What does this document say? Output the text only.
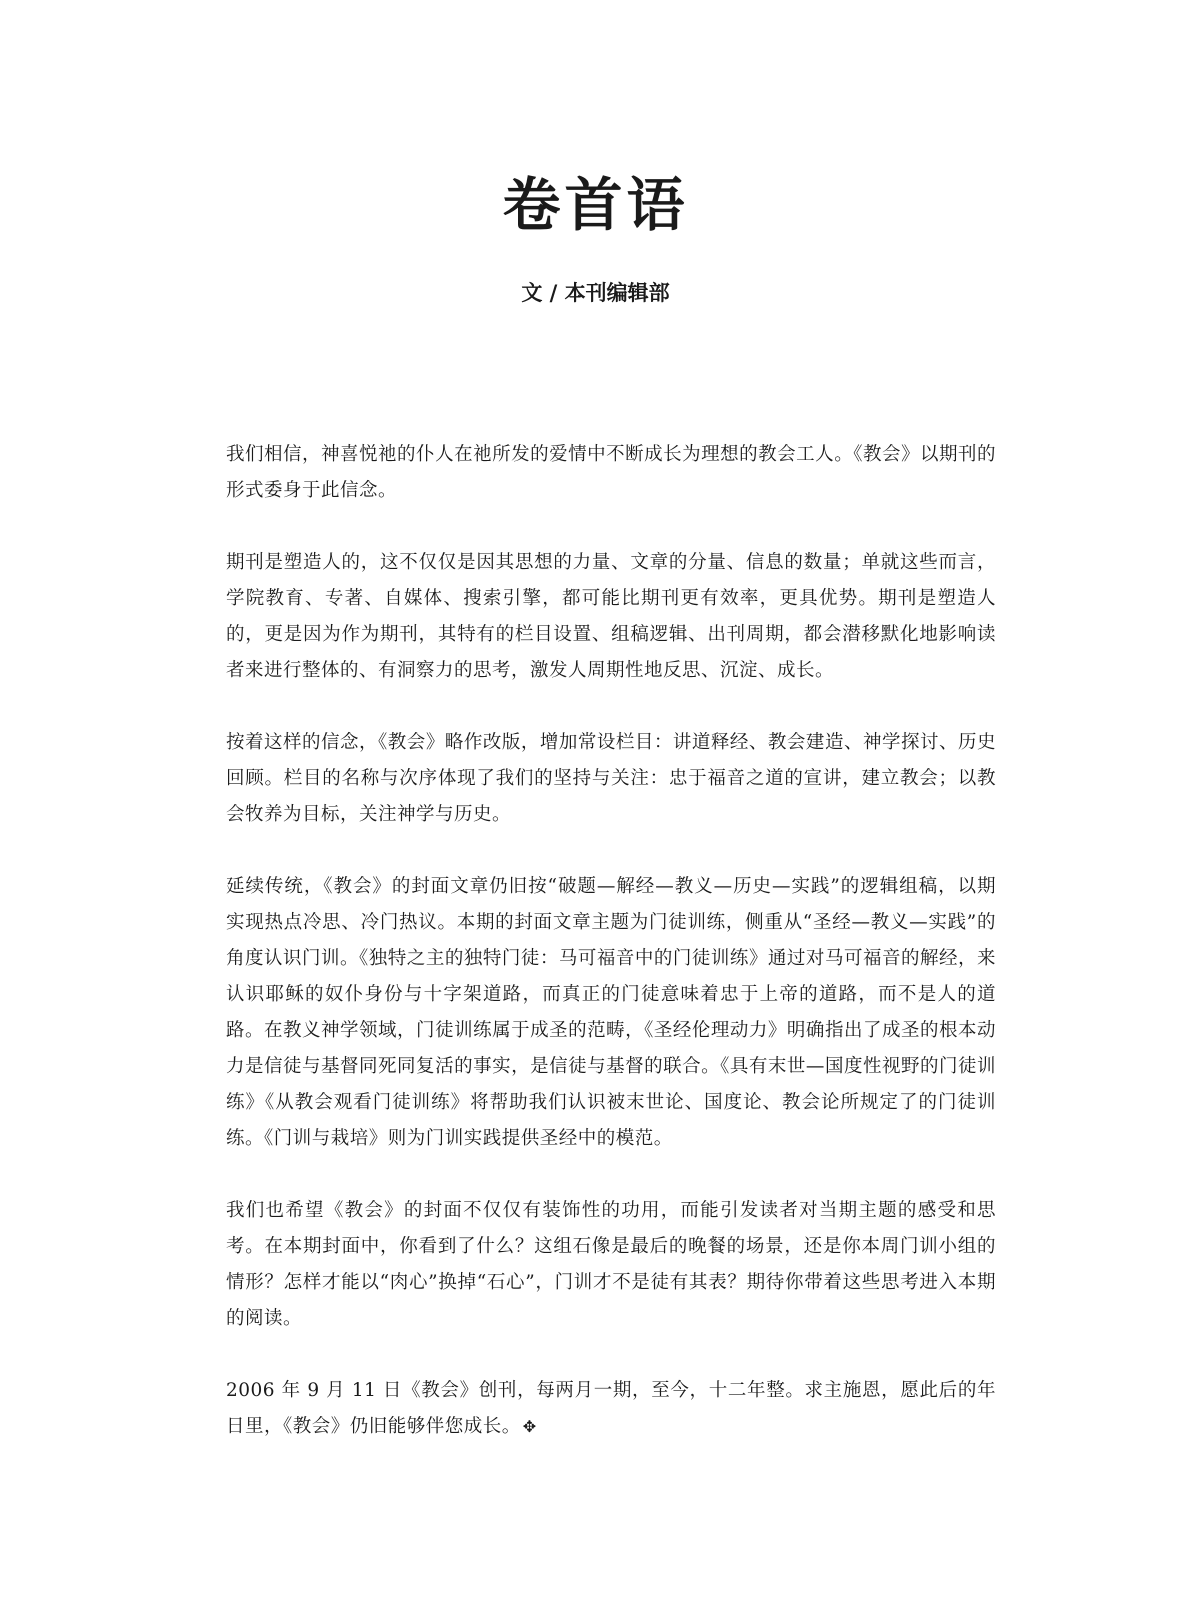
卷首语

文 / 本刊编辑部

我们相信，神喜悦祂的仆人在祂所发的爱情中不断成长为理想的教会工人。《教会》以期刊的形式委身于此信念。

期刊是塑造人的，这不仅仅是因其思想的力量、文章的分量、信息的数量；单就这些而言，学院教育、专著、自媒体、搜索引擎，都可能比期刊更有效率，更具优势。期刊是塑造人的，更是因为作为期刊，其特有的栏目设置、组稿逻辑、出刊周期，都会潜移默化地影响读者来进行整体的、有洞察力的思考，激发人周期性地反思、沉淀、成长。

按着这样的信念，《教会》略作改版，增加常设栏目：讲道释经、教会建造、神学探讨、历史回顾。栏目的名称与次序体现了我们的坚持与关注：忠于福音之道的宣讲，建立教会；以教会牧养为目标，关注神学与历史。

延续传统，《教会》的封面文章仍旧按“破题—解经—教义—历史—实践”的逻辑组稿，以期实现热点冷思、冷门热议。本期的封面文章主题为门徒训练，侧重从“圣经—教义—实践”的角度认识门训。《独特之主的独特门徒：马可福音中的门徒训练》通过对马可福音的解经，来认识耶稣的奴仆身份与十字架道路，而真正的门徒意味着忠于上帝的道路，而不是人的道路。在教义神学领域，门徒训练属于成圣的范畴，《圣经伦理动力》明确指出了成圣的根本动力是信徒与基督同死同复活的事实，是信徒与基督的联合。《具有末世—国度性视野的门徒训练》《从教会观看门徒训练》将帮助我们认识被末世论、国度论、教会论所规定了的门徒训练。《门训与栽培》则为门训实践提供圣经中的模范。

我们也希望《教会》的封面不仅仅有装饰性的功用，而能引发读者对当期主题的感受和思考。在本期封面中，你看到了什么？这组石像是最后的晚餐的场景，还是你本周门训小组的情形？怎样才能以“肉心”换掉“石心”，门训才不是徒有其表？期待你带着这些思考进入本期的阅读。

2006 年 9 月 11 日《教会》创刊，每两月一期，至今，十二年整。求主施恩，愿此后的年日里，《教会》仍旧能够伴您成长。 ✥
